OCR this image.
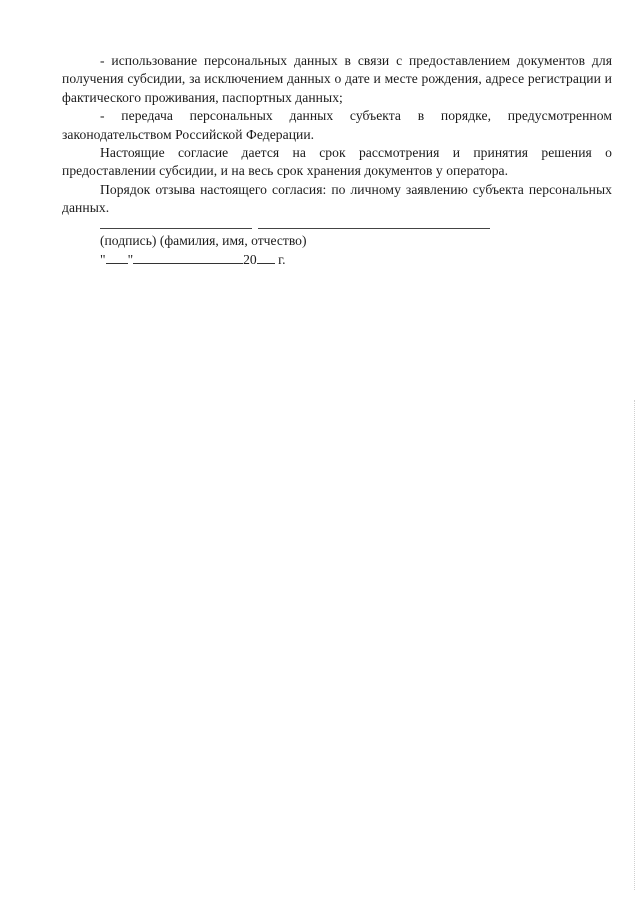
- использование персональных данных в связи с предоставлением документов для получения субсидии, за исключением данных о дате и месте рождения, адресе регистрации и фактического проживания, паспортных данных;

- передача персональных данных субъекта в порядке, предусмотренном законодательством Российской Федерации.

Настоящие согласие дается на срок рассмотрения и принятия решения о предоставлении субсидии, и на весь срок хранения документов у оператора.

Порядок отзыва настоящего согласия: по личному заявлению субъекта персональных данных.

(подпись) (фамилия, имя, отчество)
" "	20 г.
